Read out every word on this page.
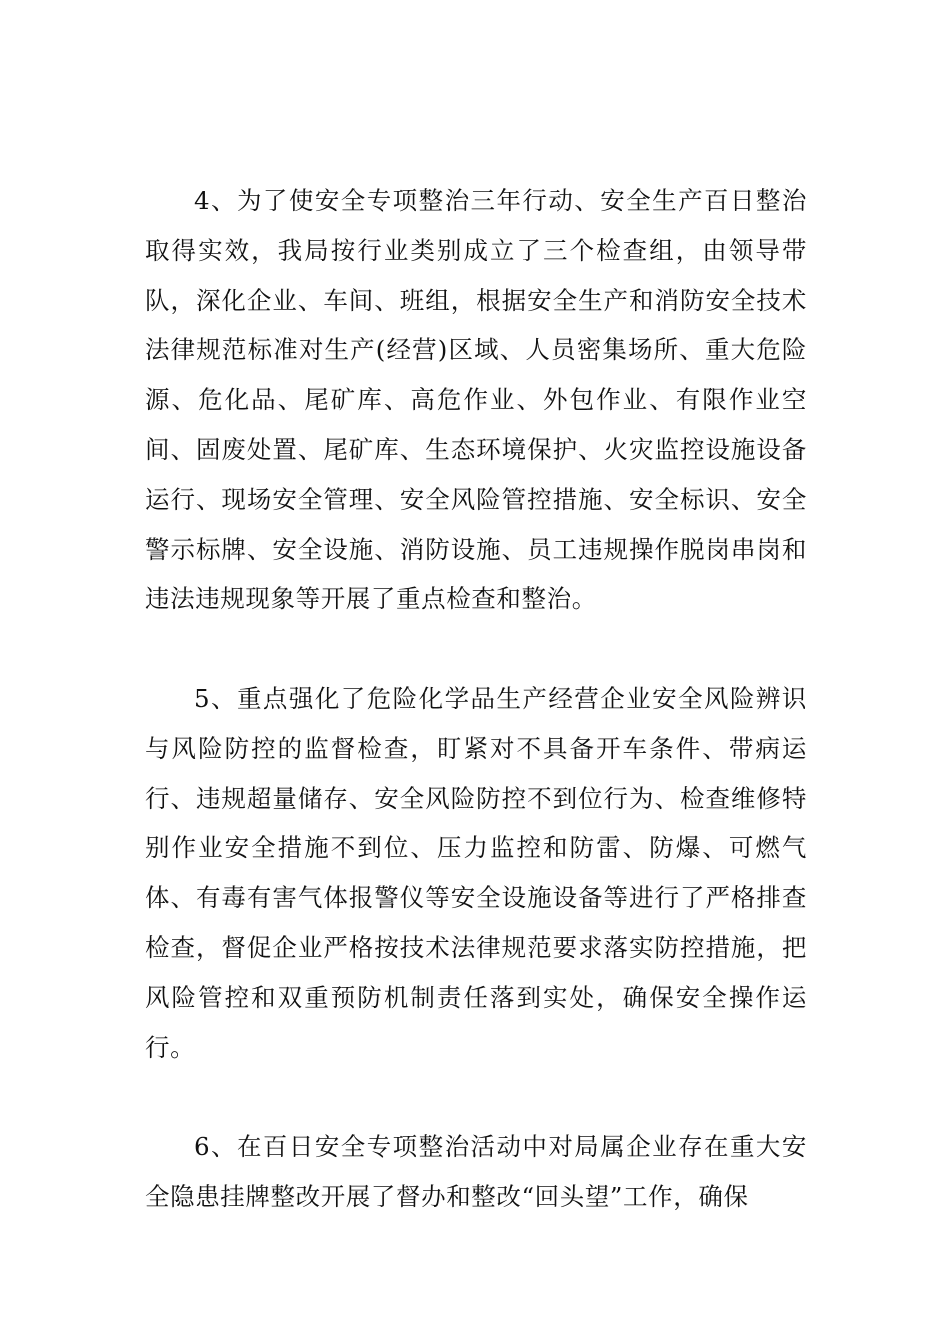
4、为了使安全专项整治三年行动、安全生产百日整治取得实效，我局按行业类别成立了三个检查组，由领导带队，深化企业、车间、班组，根据安全生产和消防安全技术法律规范标准对生产(经营)区域、人员密集场所、重大危险源、危化品、尾矿库、高危作业、外包作业、有限作业空间、固废处置、尾矿库、生态环境保护、火灾监控设施设备运行、现场安全管理、安全风险管控措施、安全标识、安全警示标牌、安全设施、消防设施、员工违规操作脱岗串岗和违法违规现象等开展了重点检查和整治。

5、重点强化了危险化学品生产经营企业安全风险辨识与风险防控的监督检查，盯紧对不具备开车条件、带病运行、违规超量储存、安全风险防控不到位行为、检查维修特别作业安全措施不到位、压力监控和防雷、防爆、可燃气体、有毒有害气体报警仪等安全设施设备等进行了严格排查检查，督促企业严格按技术法律规范要求落实防控措施，把风险管控和双重预防机制责任落到实处，确保安全操作运行。

6、在百日安全专项整治活动中对局属企业存在重大安全隐患挂牌整改开展了督办和整改“回头望”工作，确保
